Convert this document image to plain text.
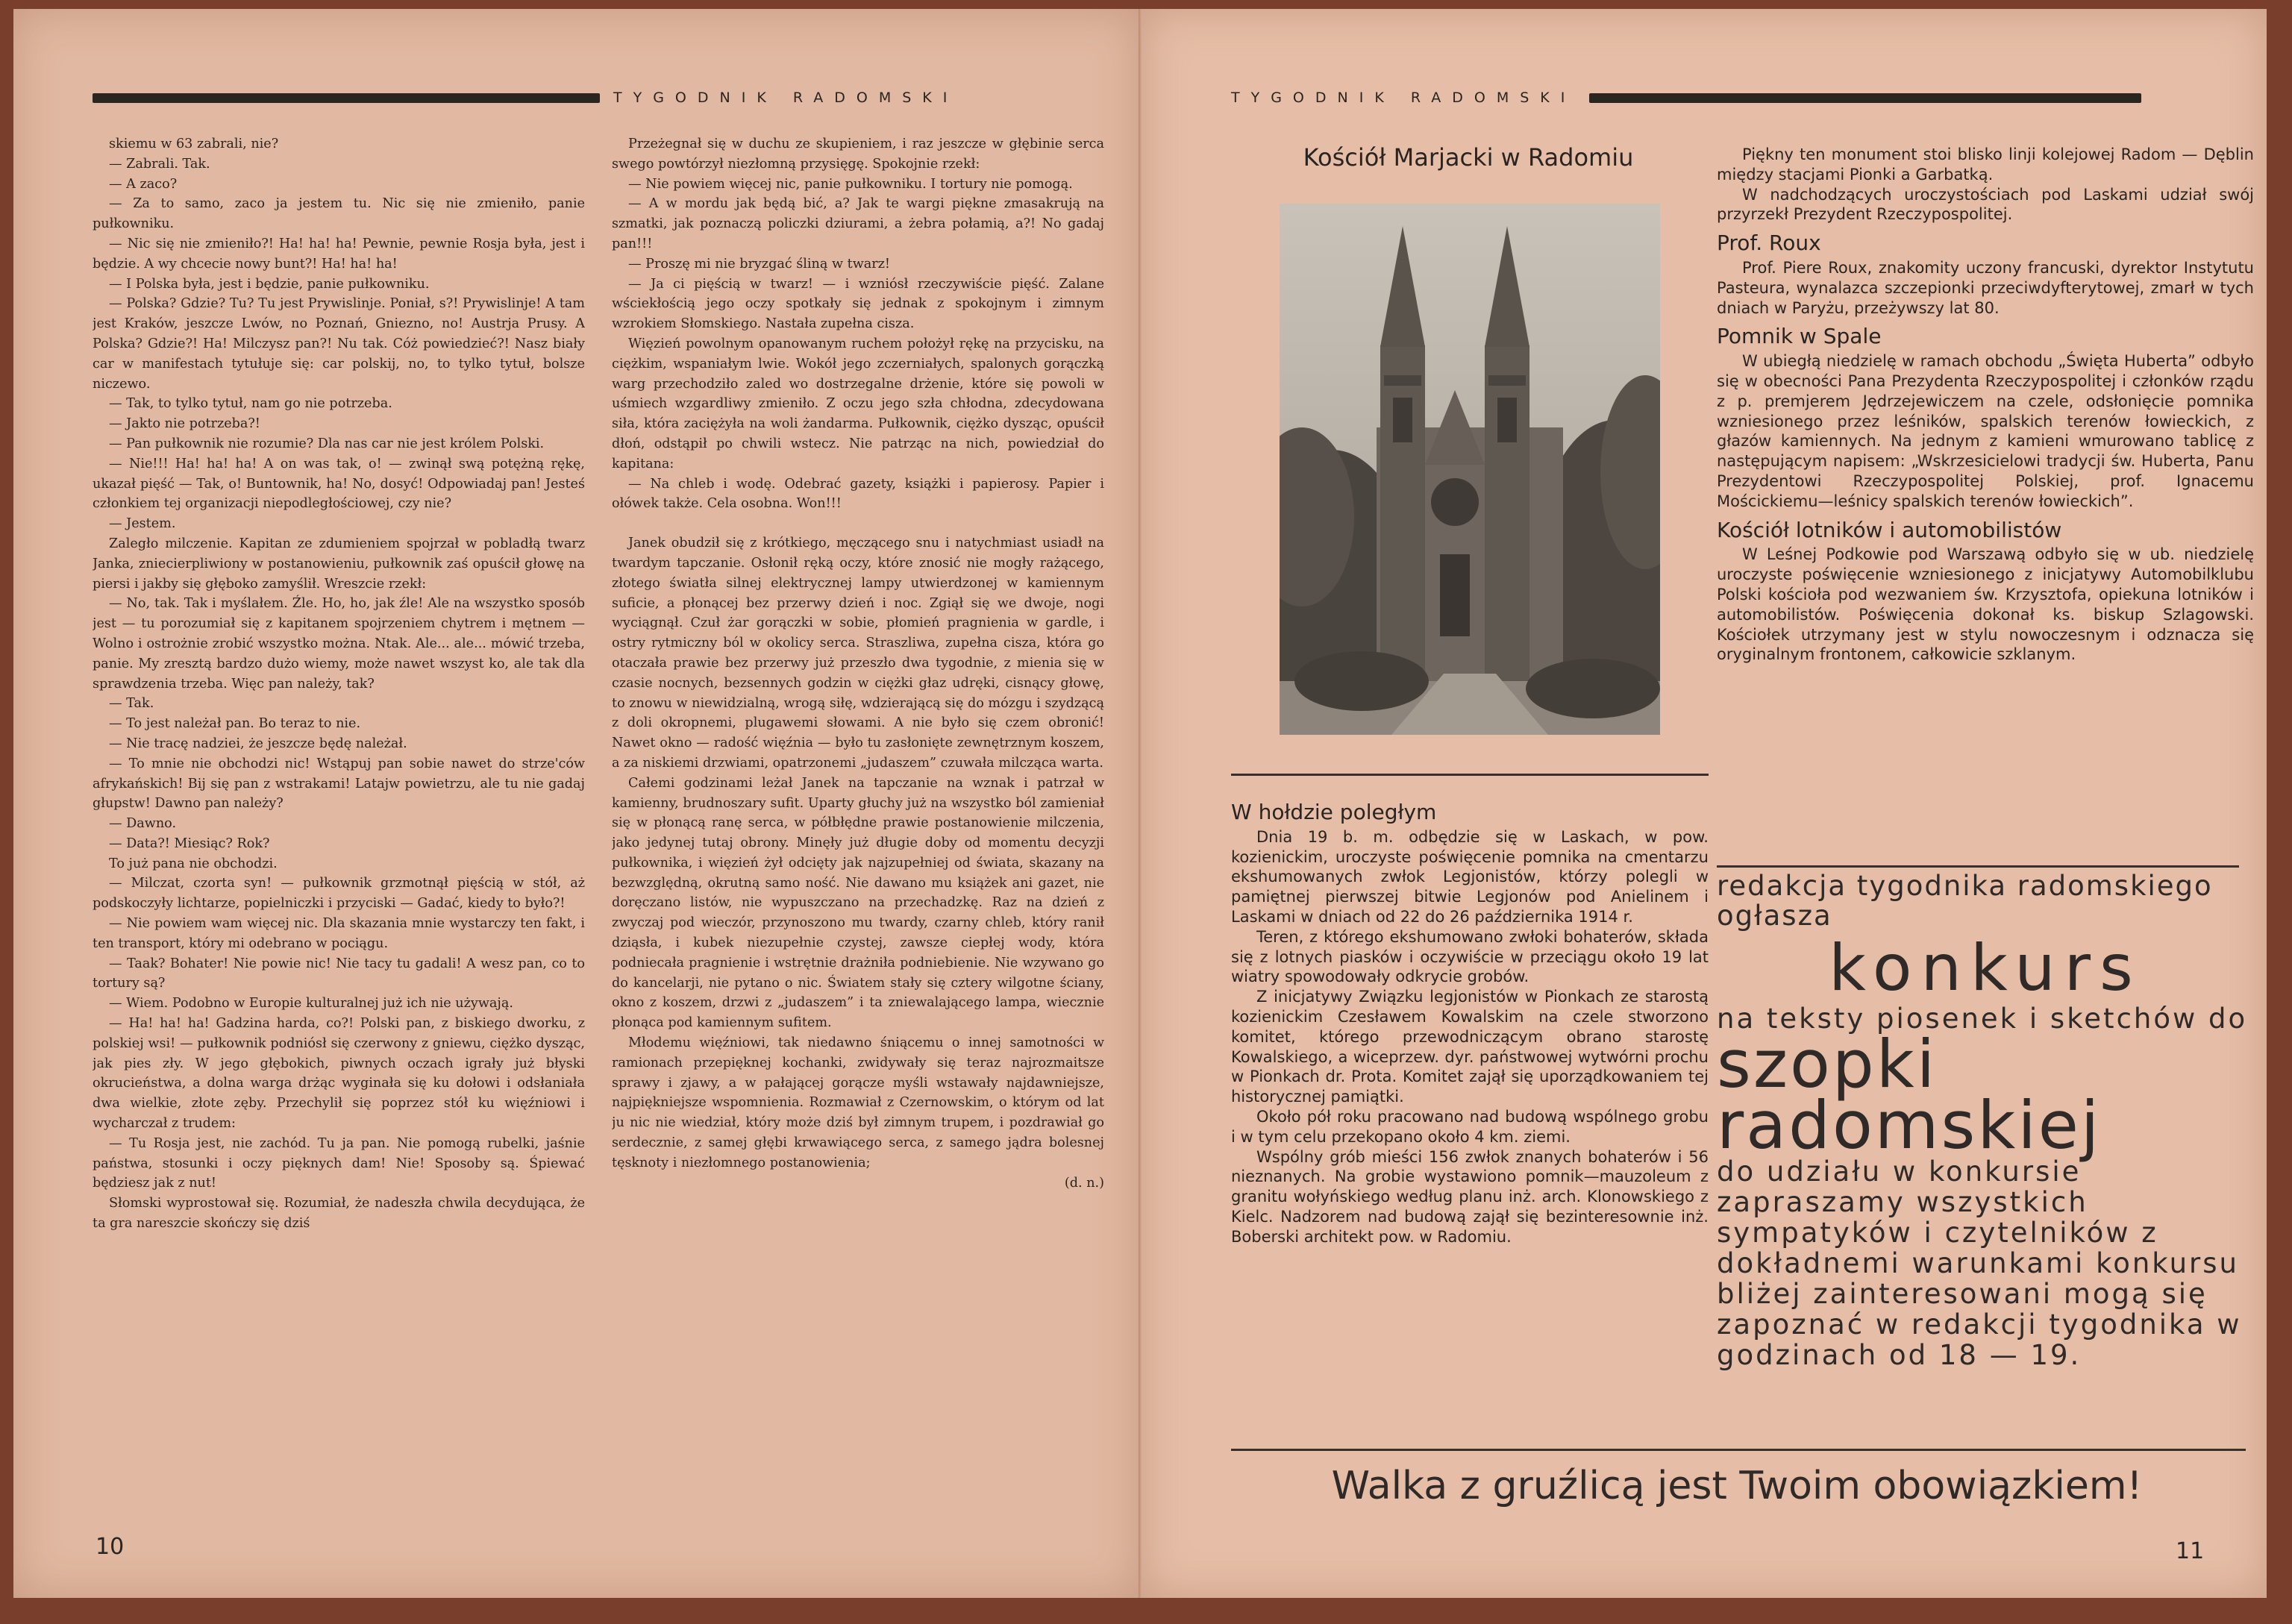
TYGODNIK RADOMSKI

skiemu w 63 zabrali, nie?

— Zabrali. Tak.

— A zaco?

— Za to samo, zaco ja jestem tu. Nic się nie zmieniło, panie pułkowniku.

— Nic się nie zmieniło?! Ha! ha! ha! Pewnie, pewnie Rosja była, jest i będzie. A wy chcecie nowy bunt?! Ha! ha! ha!

— I Polska była, jest i będzie, panie pułkowniku.

— Polska? Gdzie? Tu? Tu jest Prywislinje. Poniał, s?! Prywislinje! A tam jest Kraków, jeszcze Lwów, no Poznań, Gniezno, no! Austrja Prusy. A Polska? Gdzie?! Ha! Milczysz pan?! Nu tak. Cóż powiedzieć?! Nasz biały car w manifestach tytułuje się: car polskij, no, to tylko tytuł, bolsze niczewo.

— Tak, to tylko tytuł, nam go nie potrzeba.

— Jakto nie potrzeba?!

— Pan pułkownik nie rozumie? Dla nas car nie jest królem Polski.

— Nie!!! Ha! ha! ha! A on was tak, o! — zwinął swą potężną rękę, ukazał pięść — Tak, o! Buntownik, ha! No, dosyć! Odpowiadaj pan! Jesteś członkiem tej organizacji niepodległościowej, czy nie?

— Jestem.

Zaległo milczenie. Kapitan ze zdumieniem spojrzał w pobladłą twarz Janka, zniecierpliwiony w postanowieniu, pułkownik zaś opuścił głowę na piersi i jakby się głęboko zamyślił. Wreszcie rzekł:

— No, tak. Tak i myślałem. Źle. Ho, ho, jak źle! Ale na wszystko sposób jest — tu porozumiał się z kapitanem spojrzeniem chytrem i mętnem — Wolno i ostrożnie zrobić wszystko można. Ntak. Ale... ale... mówić trzeba, panie. My zresztą bardzo dużo wiemy, może nawet wszyst ko, ale tak dla sprawdzenia trzeba. Więc pan należy, tak?

— Tak.

— To jest należał pan. Bo teraz to nie.

— Nie tracę nadziei, że jeszcze będę należał.

— To mnie nie obchodzi nic! Wstąpuj pan sobie nawet do strze'ców afrykańskich! Bij się pan z wstrakami! Latajw powietrzu, ale tu nie gadaj głupstw! Dawno pan należy?

— Dawno.

— Data?! Miesiąc? Rok?

To już pana nie obchodzi.

— Milczat, czorta syn! — pułkownik grzmotnął pięścią w stół, aż podskoczyły lichtarze, popielniczki i przyciski — Gadać, kiedy to było?!

— Nie powiem wam więcej nic. Dla skazania mnie wystarczy ten fakt, i ten transport, który mi odebrano w pociągu.

— Taak? Bohater! Nie powie nic! Nie tacy tu gadali! A wesz pan, co to tortury są?

— Wiem. Podobno w Europie kulturalnej już ich nie używają.

— Ha! ha! ha! Gadzina harda, co?! Polski pan, z biskiego dworku, z polskiej wsi! — pułkownik podniósł się czerwony z gniewu, ciężko dysząc, jak pies zły. W jego głębokich, piwnych oczach igrały już błyski okrucieństwa, a dolna warga drżąc wyginała się ku dołowi i odsłaniała dwa wielkie, złote zęby. Przechylił się poprzez stół ku więźniowi i wycharczał z trudem:

— Tu Rosja jest, nie zachód. Tu ja pan. Nie pomogą rubelki, jaśnie państwa, stosunki i oczy pięknych dam! Nie! Sposoby są. Śpiewać będziesz jak z nut!

Słomski wyprostował się. Rozumiał, że nadeszła chwila decydująca, że ta gra nareszcie skończy się dziś

Przeżegnał się w duchu ze skupieniem, i raz jeszcze w głębinie serca swego powtórzył niezłomną przysięgę. Spokojnie rzekł:

— Nie powiem więcej nic, panie pułkowniku. I tortury nie pomogą.

— A w mordu jak będą bić, a? Jak te wargi piękne zmasakrują na szmatki, jak poznaczą policzki dziurami, a żebra połamią, a?! No gadaj pan!!!

— Proszę mi nie bryzgać śliną w twarz!

— Ja ci pięścią w twarz! — i wzniósł rzeczywiście pięść. Zalane wściekłością jego oczy spotkały się jednak z spokojnym i zimnym wzrokiem Słomskiego. Nastała zupełna cisza.

Więzień powolnym opanowanym ruchem położył rękę na przycisku, na ciężkim, wspaniałym lwie. Wokół jego zczerniałych, spalonych gorączką warg przechodziło zaled wo dostrzegalne drżenie, które się powoli w uśmiech wzgardliwy zmieniło. Z oczu jego szła chłodna, zdecydowana siła, która zaciężyła na woli żandarma. Pułkownik, ciężko dysząc, opuścił dłoń, odstąpił po chwili wstecz. Nie patrząc na nich, powiedział do kapitana:

— Na chleb i wodę. Odebrać gazety, książki i papierosy. Papier i ołówek także. Cela osobna. Won!!!

Janek obudził się z krótkiego, męczącego snu i natychmiast usiadł na twardym tapczanie. Osłonił ręką oczy, które znosić nie mogły rażącego, złotego światła silnej elektrycznej lampy utwierdzonej w kamiennym suficie, a płonącej bez przerwy dzień i noc. Zgiął się we dwoje, nogi wyciągnął. Czuł żar gorączki w sobie, płomień pragnienia w gardle, i ostry rytmiczny ból w okolicy serca. Straszliwa, zupełna cisza, która go otaczała prawie bez przerwy już przeszło dwa tygodnie, z mienia się w czasie nocnych, bezsennych godzin w ciężki głaz udręki, cisnący głowę, to znowu w niewidzialną, wrogą siłę, wdzierającą się do mózgu i szydzącą z doli okropnemi, plugawemi słowami. A nie było się czem obronić! Nawet okno — radość więźnia — było tu zasłonięte zewnętrznym koszem, a za niskiemi drzwiami, opatrzonemi „judaszem” czuwała milcząca warta.

Całemi godzinami leżał Janek na tapczanie na wznak i patrzał w kamienny, brudnoszary sufit. Uparty głuchy już na wszystko ból zamieniał się w płonącą ranę serca, w półbłędne prawie postanowienie milczenia, jako jedynej tutaj obrony. Minęły już długie doby od momentu decyzji pułkownika, i więzień żył odcięty jak najzupełniej od świata, skazany na bezwzględną, okrutną samo ność. Nie dawano mu książek ani gazet, nie doręczano listów, nie wypuszczano na przechadzkę. Raz na dzień z zwyczaj pod wieczór, przynoszono mu twardy, czarny chleb, który ranił dziąsła, i kubek niezupełnie czystej, zawsze ciepłej wody, która podniecała pragnienie i wstrętnie drażniła podniebienie. Nie wzywano go do kancelarji, nie pytano o nic. Światem stały się cztery wilgotne ściany, okno z koszem, drzwi z „judaszem” i ta zniewalającego lampa, wiecznie płonąca pod kamiennym sufitem.

Młodemu więźniowi, tak niedawno śniącemu o innej samotności w ramionach przepięknej kochanki, zwidywały się teraz najrozmaitsze sprawy i zjawy, a w pałającej gorącze myśli wstawały najdawniejsze, najpiękniejsze wspomnienia. Rozmawiał z Czernowskim, o którym od lat ju nic nie wiedział, który może dziś był zimnym trupem, i pozdrawiał go serdecznie, z samej głębi krwawiącego serca, z samego jądra bolesnej tęsknoty i niezłomnego postanowienia;

(d. n.)

10
TYGODNIK RADOMSKI
Kościół Marjacki w Radomiu
W hołdzie poległym

Dnia 19 b. m. odbędzie się w Laskach, w pow. kozienickim, uroczyste poświęcenie pomnika na cmentarzu ekshumowanych zwłok Legjonistów, którzy polegli w pamiętnej pierwszej bitwie Legjonów pod Anielinem i Laskami w dniach od 22 do 26 października 1914 r.

Teren, z którego ekshumowano zwłoki bohaterów, składa się z lotnych piasków i oczywiście w przeciągu około 19 lat wiatry spowodowały odkrycie grobów.

Z inicjatywy Związku legjonistów w Pionkach ze starostą kozienickim Czesławem Kowalskim na czele stworzono komitet, którego przewodniczącym obrano starostę Kowalskiego, a wiceprzew. dyr. państwowej wytwórni prochu w Pionkach dr. Prota. Komitet zajął się uporządkowaniem tej historycznej pamiątki.

Około pół roku pracowano nad budową wspólnego grobu i w tym celu przekopano około 4 km. ziemi.

Wspólny grób mieści 156 zwłok znanych bohaterów i 56 nieznanych. Na grobie wystawiono pomnik—mauzoleum z granitu wołyńskiego według planu inż. arch. Klonowskiego z Kielc. Nadzorem nad budową zajął się bezinteresownie inż. Boberski architekt pow. w Radomiu.

Piękny ten monument stoi blisko linji kolejowej Radom — Dęblin między stacjami Pionki a Garbatką.

W nadchodzących uroczystościach pod Laskami udział swój przyrzekł Prezydent Rzeczypospolitej.

Prof. Roux

Prof. Piere Roux, znakomity uczony francuski, dyrektor Instytutu Pasteura, wynalazca szczepionki przeciwdyfterytowej, zmarł w tych dniach w Paryżu, przeżywszy lat 80.

Pomnik w Spale

W ubiegłą niedzielę w ramach obchodu „Święta Huberta” odbyło się w obecności Pana Prezydenta Rzeczypospolitej i członków rządu z p. premjerem Jędrzejewiczem na czele, odsłonięcie pomnika wzniesionego przez leśników, spalskich terenów łowieckich, z głazów kamiennych. Na jednym z kamieni wmurowano tablicę z następującym napisem: „Wskrzesicielowi tradycji św. Huberta, Panu Prezydentowi Rzeczypospolitej Polskiej, prof. Ignacemu Mościckiemu—leśnicy spalskich terenów łowieckich”.

Kościół lotników i automobilistów

W Leśnej Podkowie pod Warszawą odbyło się w ub. niedzielę uroczyste poświęcenie wzniesionego z inicjatywy Automobilklubu Polski kościoła pod wezwaniem św. Krzysztofa, opiekuna lotników i automobilistów. Poświęcenia dokonał ks. biskup Szlagowski. Kościołek utrzymany jest w stylu nowoczesnym i odznacza się oryginalnym frontonem, całkowicie szklanym.

redakcja tygodnika radomskiego ogłasza
konkurs
na teksty piosenek i sketchów do
szopki radomskiej
do udziału w konkursie zapraszamy wszystkich sympatyków i czytelników z dokładnemi warunkami konkursu bliżej zainteresowani mogą się zapoznać w redakcji tygodnika w godzinach od 18 — 19.
Walka z gruźlicą jest Twoim obowiązkiem!
11
